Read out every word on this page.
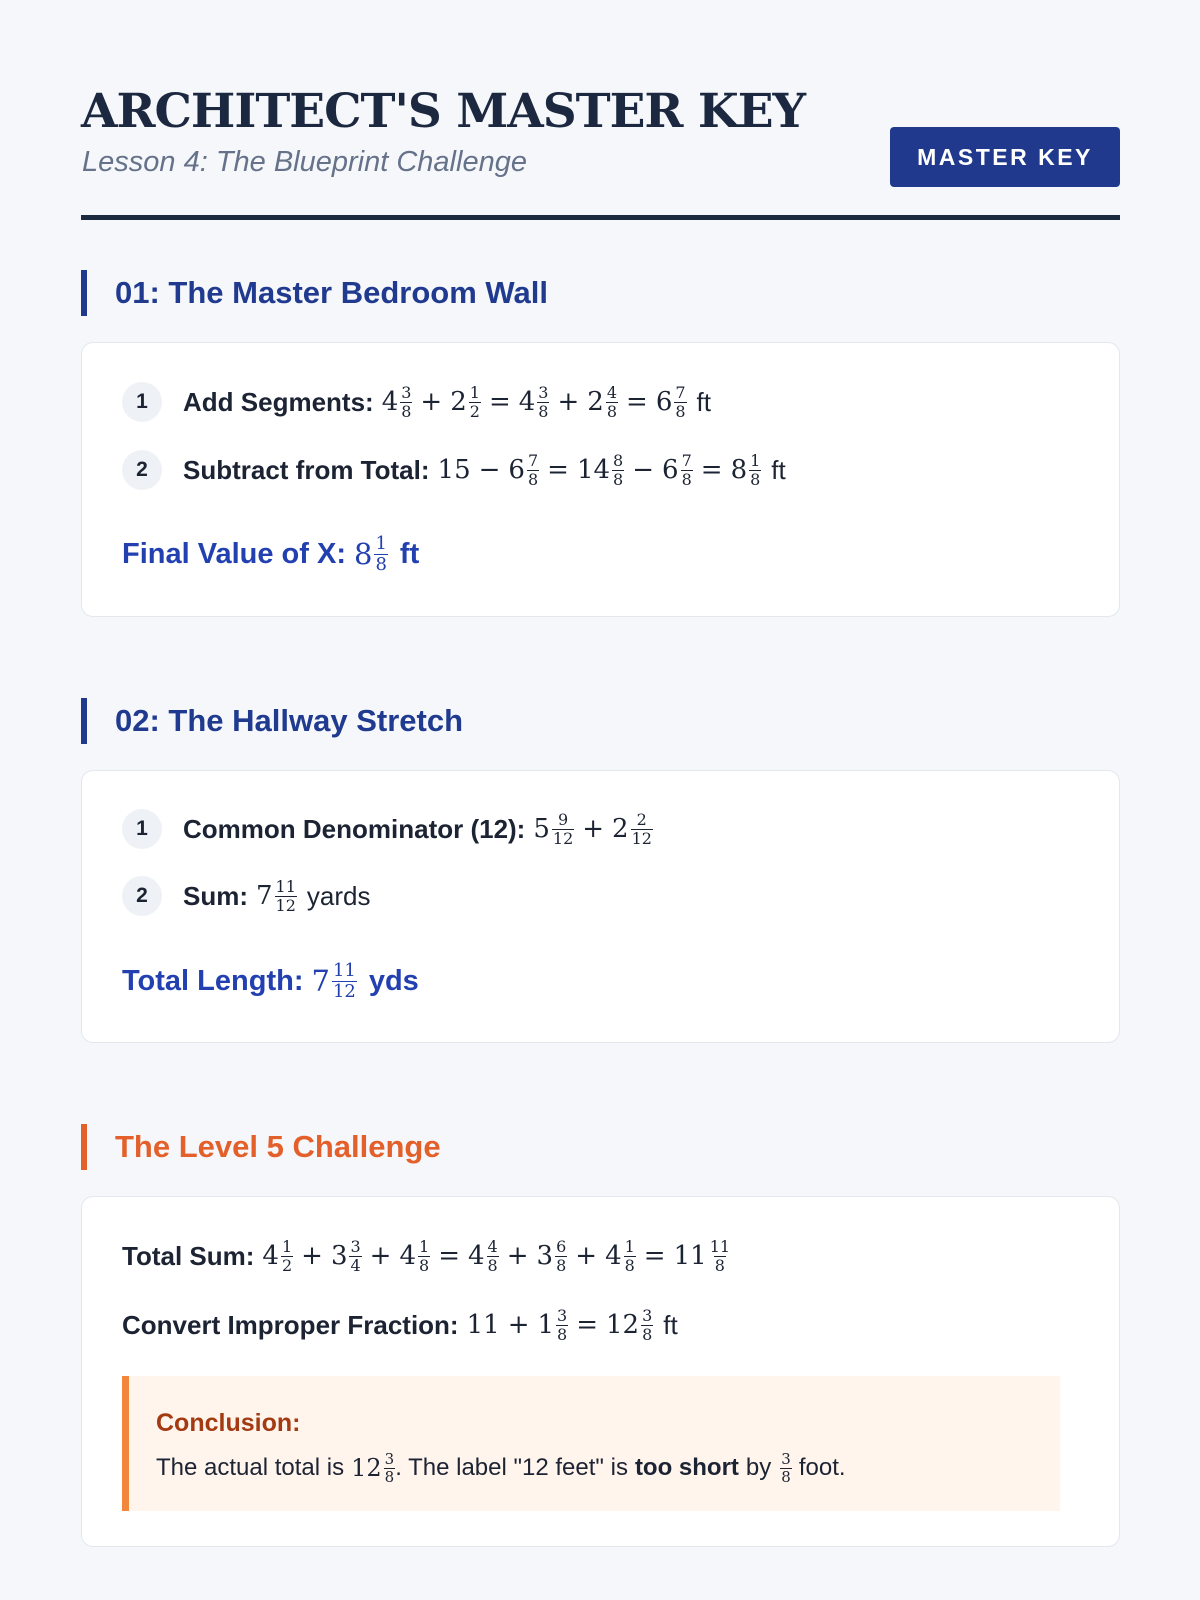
ARCHITECT'S MASTER KEY
Lesson 4: The Blueprint Challenge	MASTER KEY
01: The Master Bedroom Wall
1	Add Segments: $4 \frac{3}{8} + 2 \frac{1}{2} = 4 \frac{3}{8} + 2 \frac{4}{8} = 6 \frac{7}{8}$ ft
2	Subtract from Total: $15 - 6 \frac{7}{8} = 14 \frac{8}{8} - 6 \frac{7}{8} = 8 \frac{1}{8}$ ft
Final Value of X: $8 \frac{1}{8}$ ft
02: The Hallway Stretch
1	Common Denominator (12): $5 \frac{9}{12} + 2 \frac{2}{12}$
2	Sum: $7 \frac{11}{12}$ yards
Total Length: $7 \frac{11}{12}$ yds
The Level 5 Challenge
Total Sum: $4 \frac{1}{2} + 3 \frac{3}{4} + 4 \frac{1}{8} = 4 \frac{4}{8} + 3 \frac{6}{8} + 4 \frac{1}{8} = 11 \frac{11}{8}$
Convert Improper Fraction: $11 + 1 \frac{3}{8} = 12 \frac{3}{8}$ ft
Conclusion:
The actual total is $12 \frac{3}{8}$ . The label "12 feet" is too short by $\frac{3}{8}$ foot.
